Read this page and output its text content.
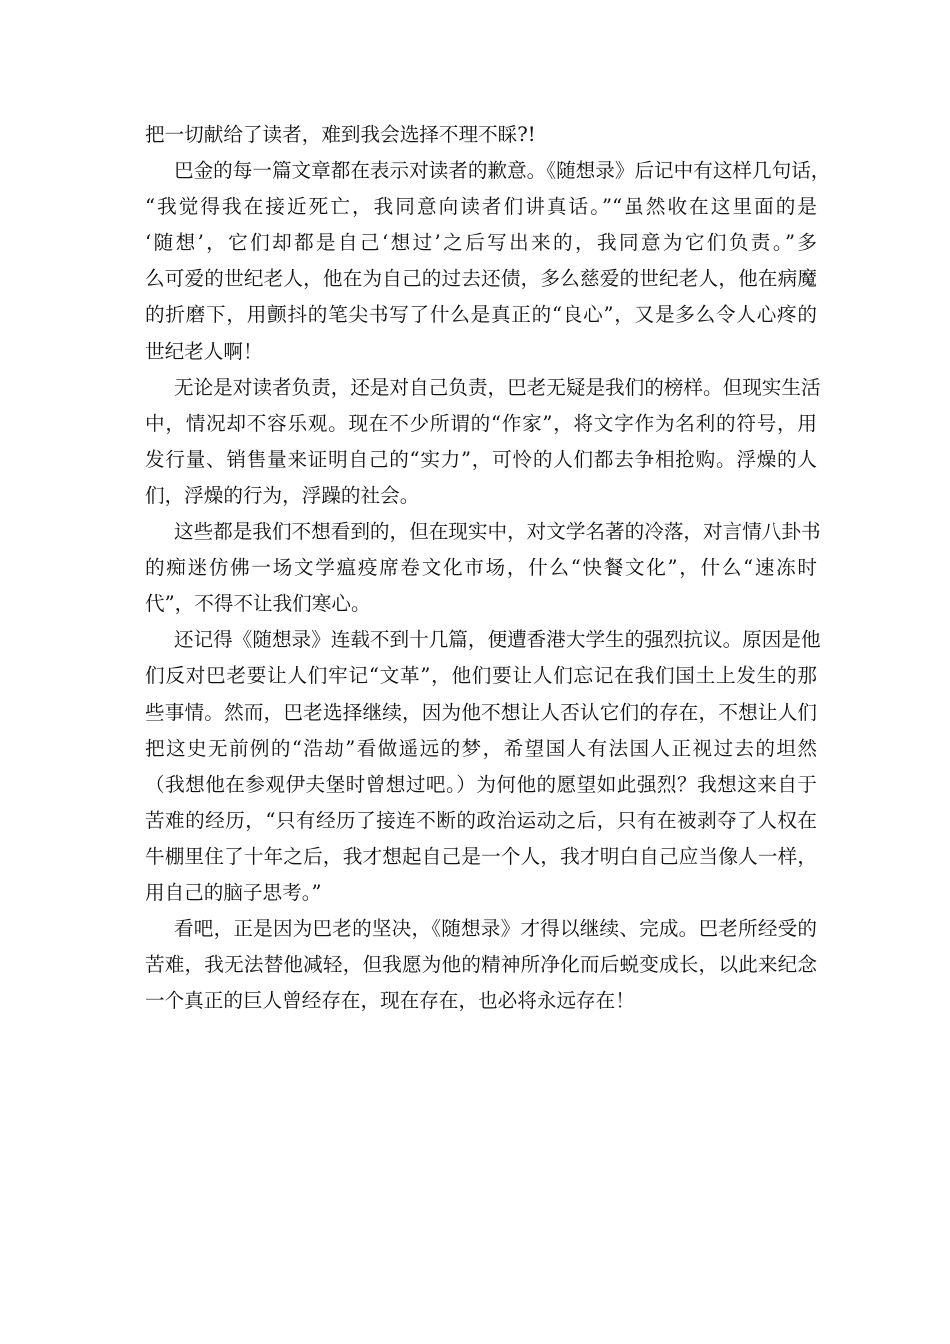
把一切献给了读者，难到我会选择不理不睬?!
巴金的每一篇文章都在表示对读者的歉意。《随想录》后记中有这样几句话，
“我觉得我在接近死亡，我同意向读者们讲真话。”“虽然收在这里面的是
‘随想’，它们却都是自己‘想过’之后写出来的，我同意为它们负责。”多
么可爱的世纪老人，他在为自己的过去还债，多么慈爱的世纪老人，他在病魔
的折磨下，用颤抖的笔尖书写了什么是真正的“良心”，又是多么令人心疼的
世纪老人啊！
无论是对读者负责，还是对自己负责，巴老无疑是我们的榜样。但现实生活
中，情况却不容乐观。现在不少所谓的“作家”，将文字作为名利的符号，用
发行量、销售量来证明自己的“实力”，可怜的人们都去争相抢购。浮燥的人
们，浮燥的行为，浮躁的社会。
这些都是我们不想看到的，但在现实中，对文学名著的冷落，对言情八卦书
的痴迷仿佛一场文学瘟疫席卷文化市场，什么“快餐文化”，什么“速冻时
代”，不得不让我们寒心。
还记得《随想录》连载不到十几篇，便遭香港大学生的强烈抗议。原因是他
们反对巴老要让人们牢记“文革”，他们要让人们忘记在我们国土上发生的那
些事情。然而，巴老选择继续，因为他不想让人否认它们的存在，不想让人们
把这史无前例的“浩劫”看做遥远的梦，希望国人有法国人正视过去的坦然
（我想他在参观伊夫堡时曾想过吧。）为何他的愿望如此强烈？我想这来自于
苦难的经历，“只有经历了接连不断的政治运动之后，只有在被剥夺了人权在
牛棚里住了十年之后，我才想起自己是一个人，我才明白自己应当像人一样，
用自己的脑子思考。”
看吧，正是因为巴老的坚决，《随想录》才得以继续、完成。巴老所经受的
苦难，我无法替他减轻，但我愿为他的精神所净化而后蜕变成长，以此来纪念
一个真正的巨人曾经存在，现在存在，也必将永远存在！
